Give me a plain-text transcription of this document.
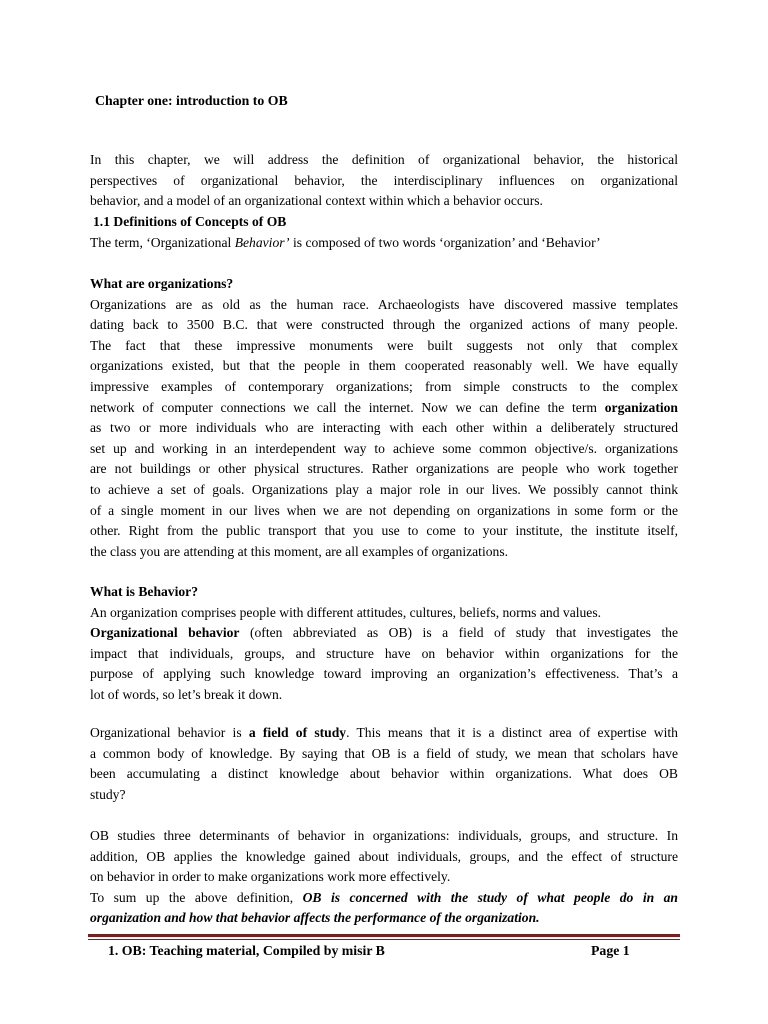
Chapter one: introduction to OB
In this chapter, we will address the definition of organizational behavior, the historical
perspectives of organizational behavior, the interdisciplinary influences on organizational
behavior, and a model of an organizational context within which a behavior occurs.
1.1 Definitions of Concepts of OB
The term, ‘Organizational Behavior’ is composed of two words ‘organization’ and ‘Behavior’
What are organizations?
Organizations are as old as the human race. Archaeologists have discovered massive templates
dating back to 3500 B.C. that were constructed through the organized actions of many people.
The fact that these impressive monuments were built suggests not only that complex
organizations existed, but that the people in them cooperated reasonably well. We have equally
impressive examples of contemporary organizations; from simple constructs to the complex
network of computer connections we call the internet. Now we can define the term organization
as two or more individuals who are interacting with each other within a deliberately structured
set up and working in an interdependent way to achieve some common objective/s. organizations
are not buildings or other physical structures. Rather organizations are people who work together
to achieve a set of goals. Organizations play a major role in our lives. We possibly cannot think
of a single moment in our lives when we are not depending on organizations in some form or the
other. Right from the public transport that you use to come to your institute, the institute itself,
the class you are attending at this moment, are all examples of organizations.
What is Behavior?
An organization comprises people with different attitudes, cultures, beliefs, norms and values.
Organizational behavior (often abbreviated as OB) is a field of study that investigates the
impact that individuals, groups, and structure have on behavior within organizations for the
purpose of applying such knowledge toward improving an organization’s effectiveness. That’s a
lot of words, so let’s break it down.
Organizational behavior is a field of study. This means that it is a distinct area of expertise with
a common body of knowledge. By saying that OB is a field of study, we mean that scholars have
been accumulating a distinct knowledge about behavior within organizations. What does OB
study?
OB studies three determinants of behavior in organizations: individuals, groups, and structure. In
addition, OB applies the knowledge gained about individuals, groups, and the effect of structure
on behavior in order to make organizations work more effectively.
To sum up the above definition, OB is concerned with the study of what people do in an
organization and how that behavior affects the performance of the organization.
1. OB: Teaching material, Compiled by misir B	Page 1
